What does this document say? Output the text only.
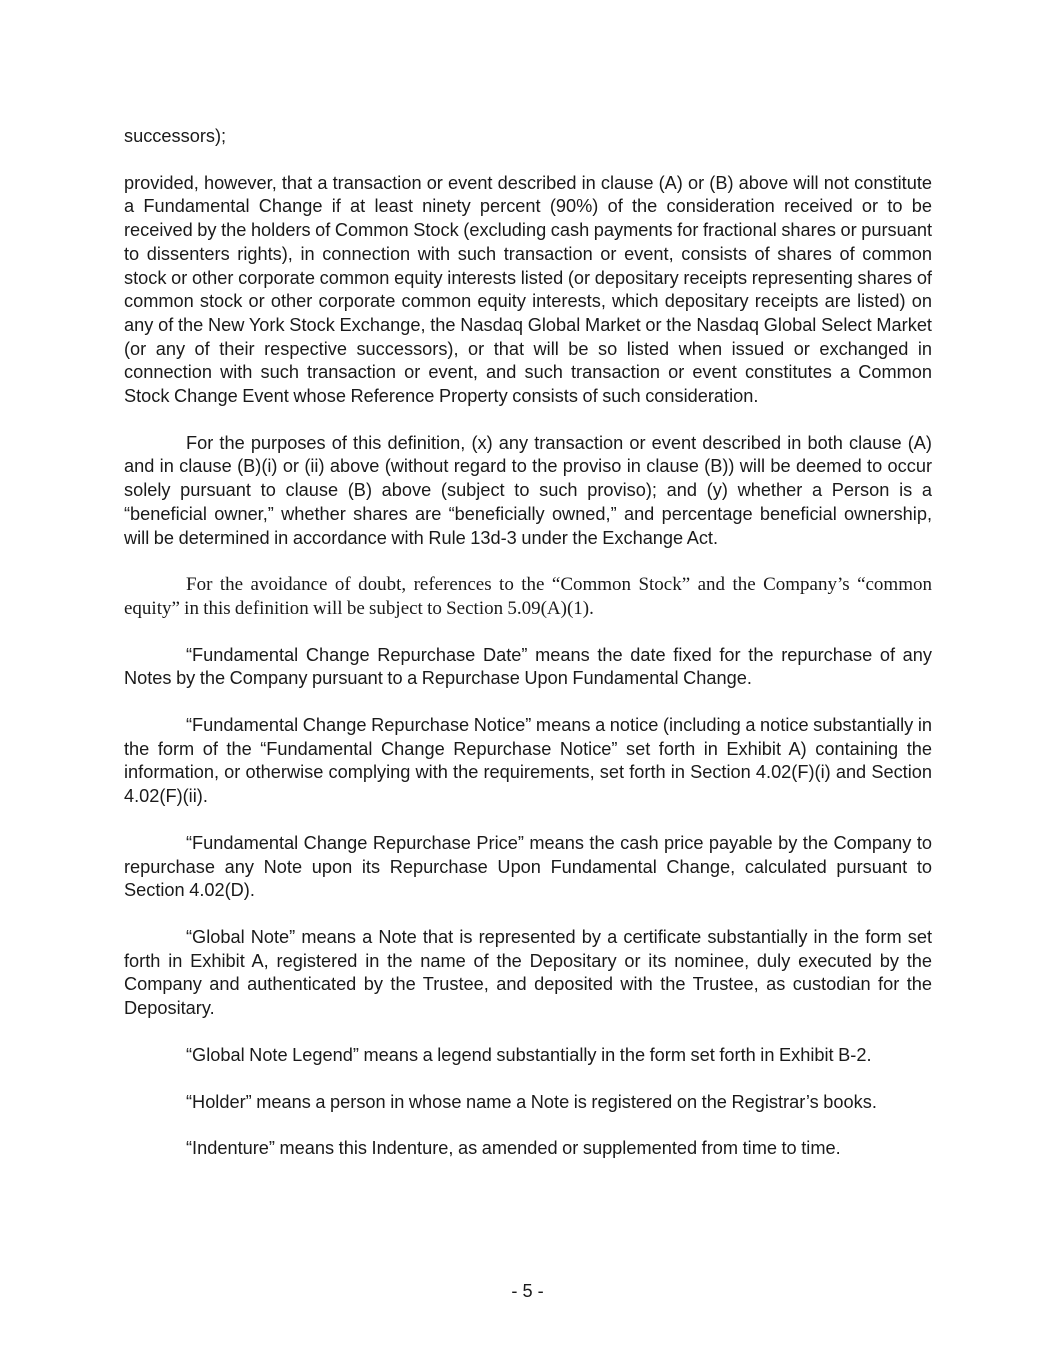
successors);

provided, however, that a transaction or event described in clause (A) or (B) above will not constitute a Fundamental Change if at least ninety percent (90%) of the consideration received or to be received by the holders of Common Stock (excluding cash payments for fractional shares or pursuant to dissenters rights), in connection with such transaction or event, consists of shares of common stock or other corporate common equity interests listed (or depositary receipts representing shares of common stock or other corporate common equity interests, which depositary receipts are listed) on any of the New York Stock Exchange, the Nasdaq Global Market or the Nasdaq Global Select Market (or any of their respective successors), or that will be so listed when issued or exchanged in connection with such transaction or event, and such transaction or event constitutes a Common Stock Change Event whose Reference Property consists of such consideration.

For the purposes of this definition, (x) any transaction or event described in both clause (A) and in clause (B)(i) or (ii) above (without regard to the proviso in clause (B)) will be deemed to occur solely pursuant to clause (B) above (subject to such proviso); and (y) whether a Person is a “beneficial owner,” whether shares are “beneficially owned,” and percentage beneficial ownership, will be determined in accordance with Rule 13d-3 under the Exchange Act.

For the avoidance of doubt, references to the “Common Stock” and the Company’s “common equity” in this definition will be subject to Section 5.09(A)(1).

“Fundamental Change Repurchase Date” means the date fixed for the repurchase of any Notes by the Company pursuant to a Repurchase Upon Fundamental Change.

“Fundamental Change Repurchase Notice” means a notice (including a notice substantially in the form of the “Fundamental Change Repurchase Notice” set forth in Exhibit A) containing the information, or otherwise complying with the requirements, set forth in Section 4.02(F)(i) and Section 4.02(F)(ii).

“Fundamental Change Repurchase Price” means the cash price payable by the Company to repurchase any Note upon its Repurchase Upon Fundamental Change, calculated pursuant to Section 4.02(D).

“Global Note” means a Note that is represented by a certificate substantially in the form set forth in Exhibit A, registered in the name of the Depositary or its nominee, duly executed by the Company and authenticated by the Trustee, and deposited with the Trustee, as custodian for the Depositary.

“Global Note Legend” means a legend substantially in the form set forth in Exhibit B-2.

“Holder” means a person in whose name a Note is registered on the Registrar’s books.

“Indenture” means this Indenture, as amended or supplemented from time to time.

- 5 -
